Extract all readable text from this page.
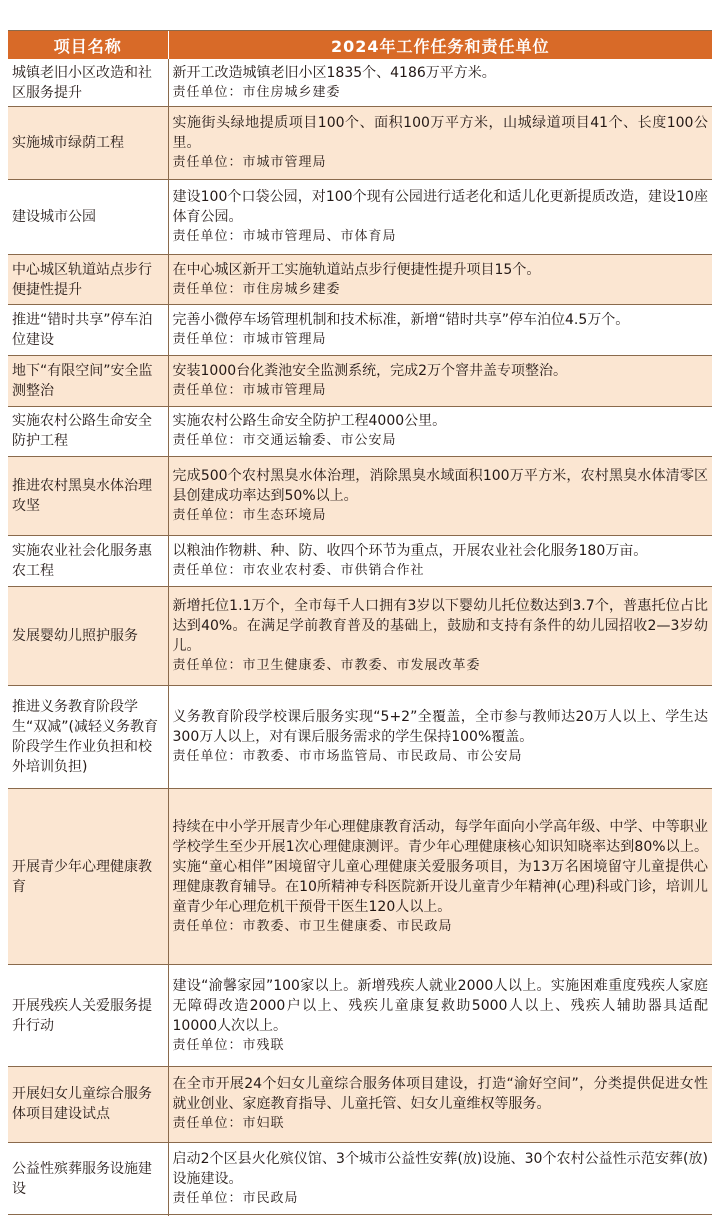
项目名称	2024年工作任务和责任单位
城镇老旧小区改造和社区服务提升	新开工改造城镇老旧小区1835个、4186万平方米。
责任单位：市住房城乡建委

实施城市绿荫工程	实施街头绿地提质项目100个、面积100万平方米，山城绿道项目41个、长度100公里。
责任单位：市城市管理局

建设城市公园	建设100个口袋公园，对100个现有公园进行适老化和适儿化更新提质改造，建设10座体育公园。
责任单位：市城市管理局、市体育局

中心城区轨道站点步行便捷性提升	在中心城区新开工实施轨道站点步行便捷性提升项目15个。
责任单位：市住房城乡建委

推进“错时共享”停车泊位建设	完善小微停车场管理机制和技术标准，新增“错时共享”停车泊位4.5万个。
责任单位：市城市管理局

地下“有限空间”安全监测整治	安装1000台化粪池安全监测系统，完成2万个窨井盖专项整治。
责任单位：市城市管理局

实施农村公路生命安全防护工程	实施农村公路生命安全防护工程4000公里。
责任单位：市交通运输委、市公安局

推进农村黑臭水体治理攻坚	完成500个农村黑臭水体治理，消除黑臭水域面积100万平方米，农村黑臭水体清零区县创建成功率达到50%以上。
责任单位：市生态环境局

实施农业社会化服务惠农工程	以粮油作物耕、种、防、收四个环节为重点，开展农业社会化服务180万亩。
责任单位：市农业农村委、市供销合作社

发展婴幼儿照护服务	新增托位1.1万个，全市每千人口拥有3岁以下婴幼儿托位数达到3.7个，普惠托位占比达到40%。在满足学前教育普及的基础上，鼓励和支持有条件的幼儿园招收2—3岁幼儿。
责任单位：市卫生健康委、市教委、市发展改革委

推进义务教育阶段学生“双减”(减轻义务教育阶段学生作业负担和校外培训负担)	义务教育阶段学校课后服务实现“5+2”全覆盖，全市参与教师达20万人以上、学生达300万人以上，对有课后服务需求的学生保持100%覆盖。
责任单位：市教委、市市场监管局、市民政局、市公安局

开展青少年心理健康教育	持续在中小学开展青少年心理健康教育活动，每学年面向小学高年级、中学、中等职业学校学生至少开展1次心理健康测评。青少年心理健康核心知识知晓率达到80%以上。实施“童心相伴”困境留守儿童心理健康关爱服务项目，为13万名困境留守儿童提供心理健康教育辅导。在10所精神专科医院新开设儿童青少年精神(心理)科或门诊，培训儿童青少年心理危机干预骨干医生120人以上。
责任单位：市教委、市卫生健康委、市民政局

开展残疾人关爱服务提升行动	建设“渝馨家园”100家以上。新增残疾人就业2000人以上。实施困难重度残疾人家庭无障碍改造2000户以上、残疾儿童康复救助5000人以上、残疾人辅助器具适配10000人次以上。
责任单位：市残联

开展妇女儿童综合服务体项目建设试点	在全市开展24个妇女儿童综合服务体项目建设，打造“渝好空间”，分类提供促进女性就业创业、家庭教育指导、儿童托管、妇女儿童维权等服务。
责任单位：市妇联

公益性殡葬服务设施建设	启动2个区县火化殡仪馆、3个城市公益性安葬(放)设施、30个农村公益性示范安葬(放)设施建设。
责任单位：市民政局
